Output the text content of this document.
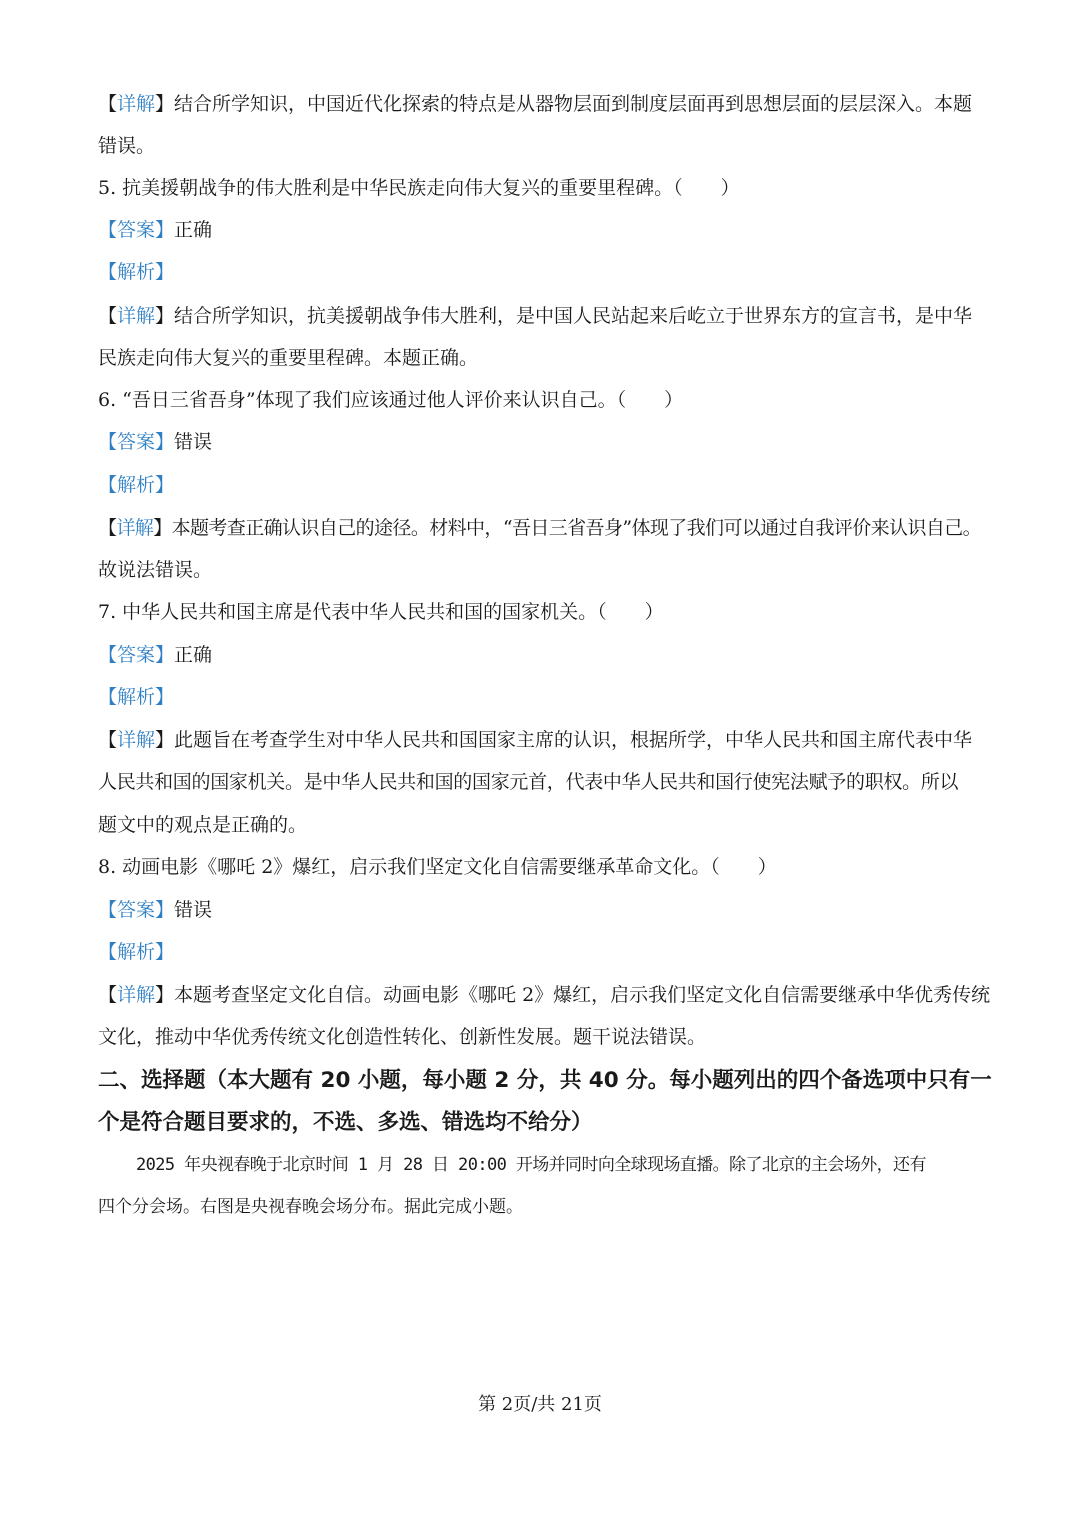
【详解】结合所学知识，中国近代化探索的特点是从器物层面到制度层面再到思想层面的层层深入。本题
错误。
5. 抗美援朝战争的伟大胜利是中华民族走向伟大复兴的重要里程碑。（　　）
【答案】正确
【解析】
【详解】结合所学知识，抗美援朝战争伟大胜利，是中国人民站起来后屹立于世界东方的宣言书，是中华
民族走向伟大复兴的重要里程碑。本题正确。
6. “吾日三省吾身”体现了我们应该通过他人评价来认识自己。（　　）
【答案】错误
【解析】
【详解】本题考查正确认识自己的途径。材料中，“吾日三省吾身”体现了我们可以通过自我评价来认识自己。
故说法错误。
7. 中华人民共和国主席是代表中华人民共和国的国家机关。（　　）
【答案】正确
【解析】
【详解】此题旨在考查学生对中华人民共和国国家主席的认识，根据所学，中华人民共和国主席代表中华
人民共和国的国家机关。是中华人民共和国的国家元首，代表中华人民共和国行使宪法赋予的职权。所以
题文中的观点是正确的。
8. 动画电影《哪吒 2》爆红，启示我们坚定文化自信需要继承革命文化。（　　）
【答案】错误
【解析】
【详解】本题考查坚定文化自信。动画电影《哪吒 2》爆红，启示我们坚定文化自信需要继承中华优秀传统
文化，推动中华优秀传统文化创造性转化、创新性发展。题干说法错误。
二、选择题（本大题有 20 小题，每小题 2 分，共 40 分。每小题列出的四个备选项中只有一
个是符合题目要求的，不选、多选、错选均不给分）
2025 年央视春晚于北京时间 1 月 28 日 20:00 开场并同时向全球现场直播。除了北京的主会场外，还有
四个分会场。右图是央视春晚会场分布。据此完成小题。
第 2页/共 21页
